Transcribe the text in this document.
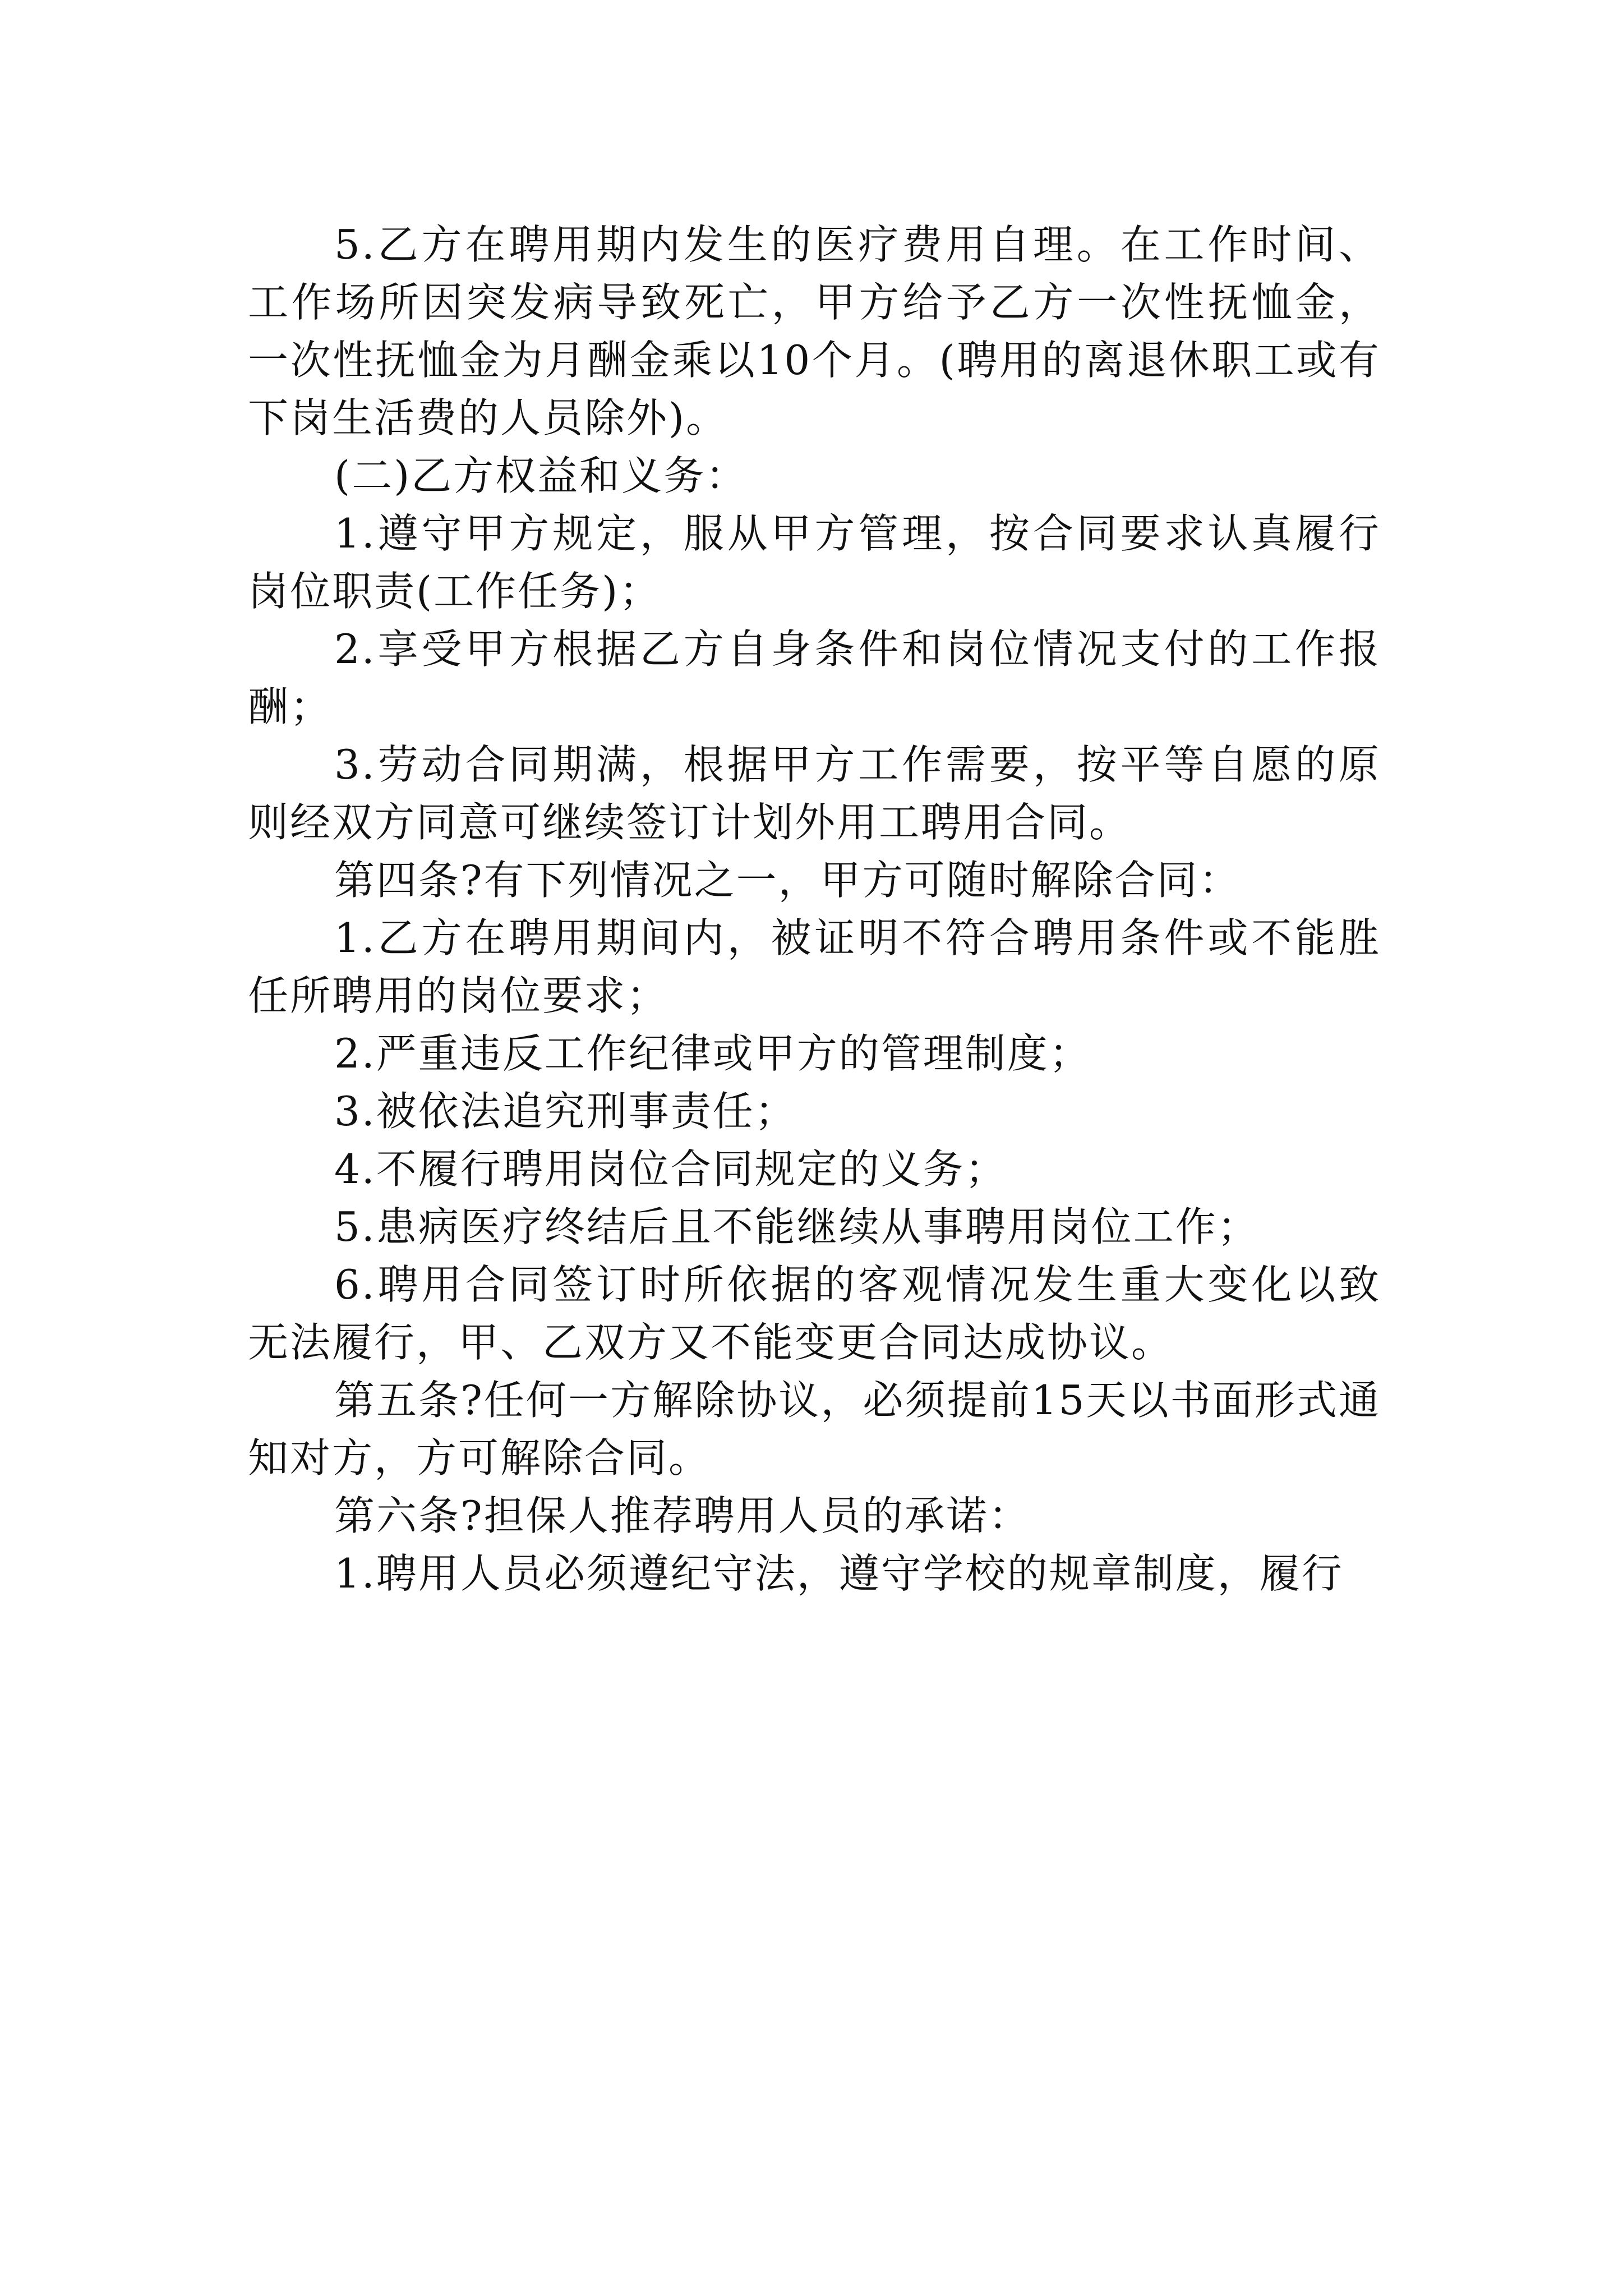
5.乙方在聘用期内发生的医疗费用自理。在工作时间、工作场所因突发病导致死亡，甲方给予乙方一次性抚恤金，一次性抚恤金为月酬金乘以10个月。(聘用的离退休职工或有下岗生活费的人员除外)。

(二)乙方权益和义务：

1.遵守甲方规定，服从甲方管理，按合同要求认真履行岗位职责(工作任务)；

2.享受甲方根据乙方自身条件和岗位情况支付的工作报酬；

3.劳动合同期满，根据甲方工作需要，按平等自愿的原则经双方同意可继续签订计划外用工聘用合同。

第四条?有下列情况之一，甲方可随时解除合同：

1.乙方在聘用期间内，被证明不符合聘用条件或不能胜任所聘用的岗位要求；

2.严重违反工作纪律或甲方的管理制度；

3.被依法追究刑事责任；

4.不履行聘用岗位合同规定的义务；

5.患病医疗终结后且不能继续从事聘用岗位工作；

6.聘用合同签订时所依据的客观情况发生重大变化以致无法履行，甲、乙双方又不能变更合同达成协议。

第五条?任何一方解除协议，必须提前15天以书面形式通知对方，方可解除合同。

第六条?担保人推荐聘用人员的承诺：

1.聘用人员必须遵纪守法，遵守学校的规章制度，履行
